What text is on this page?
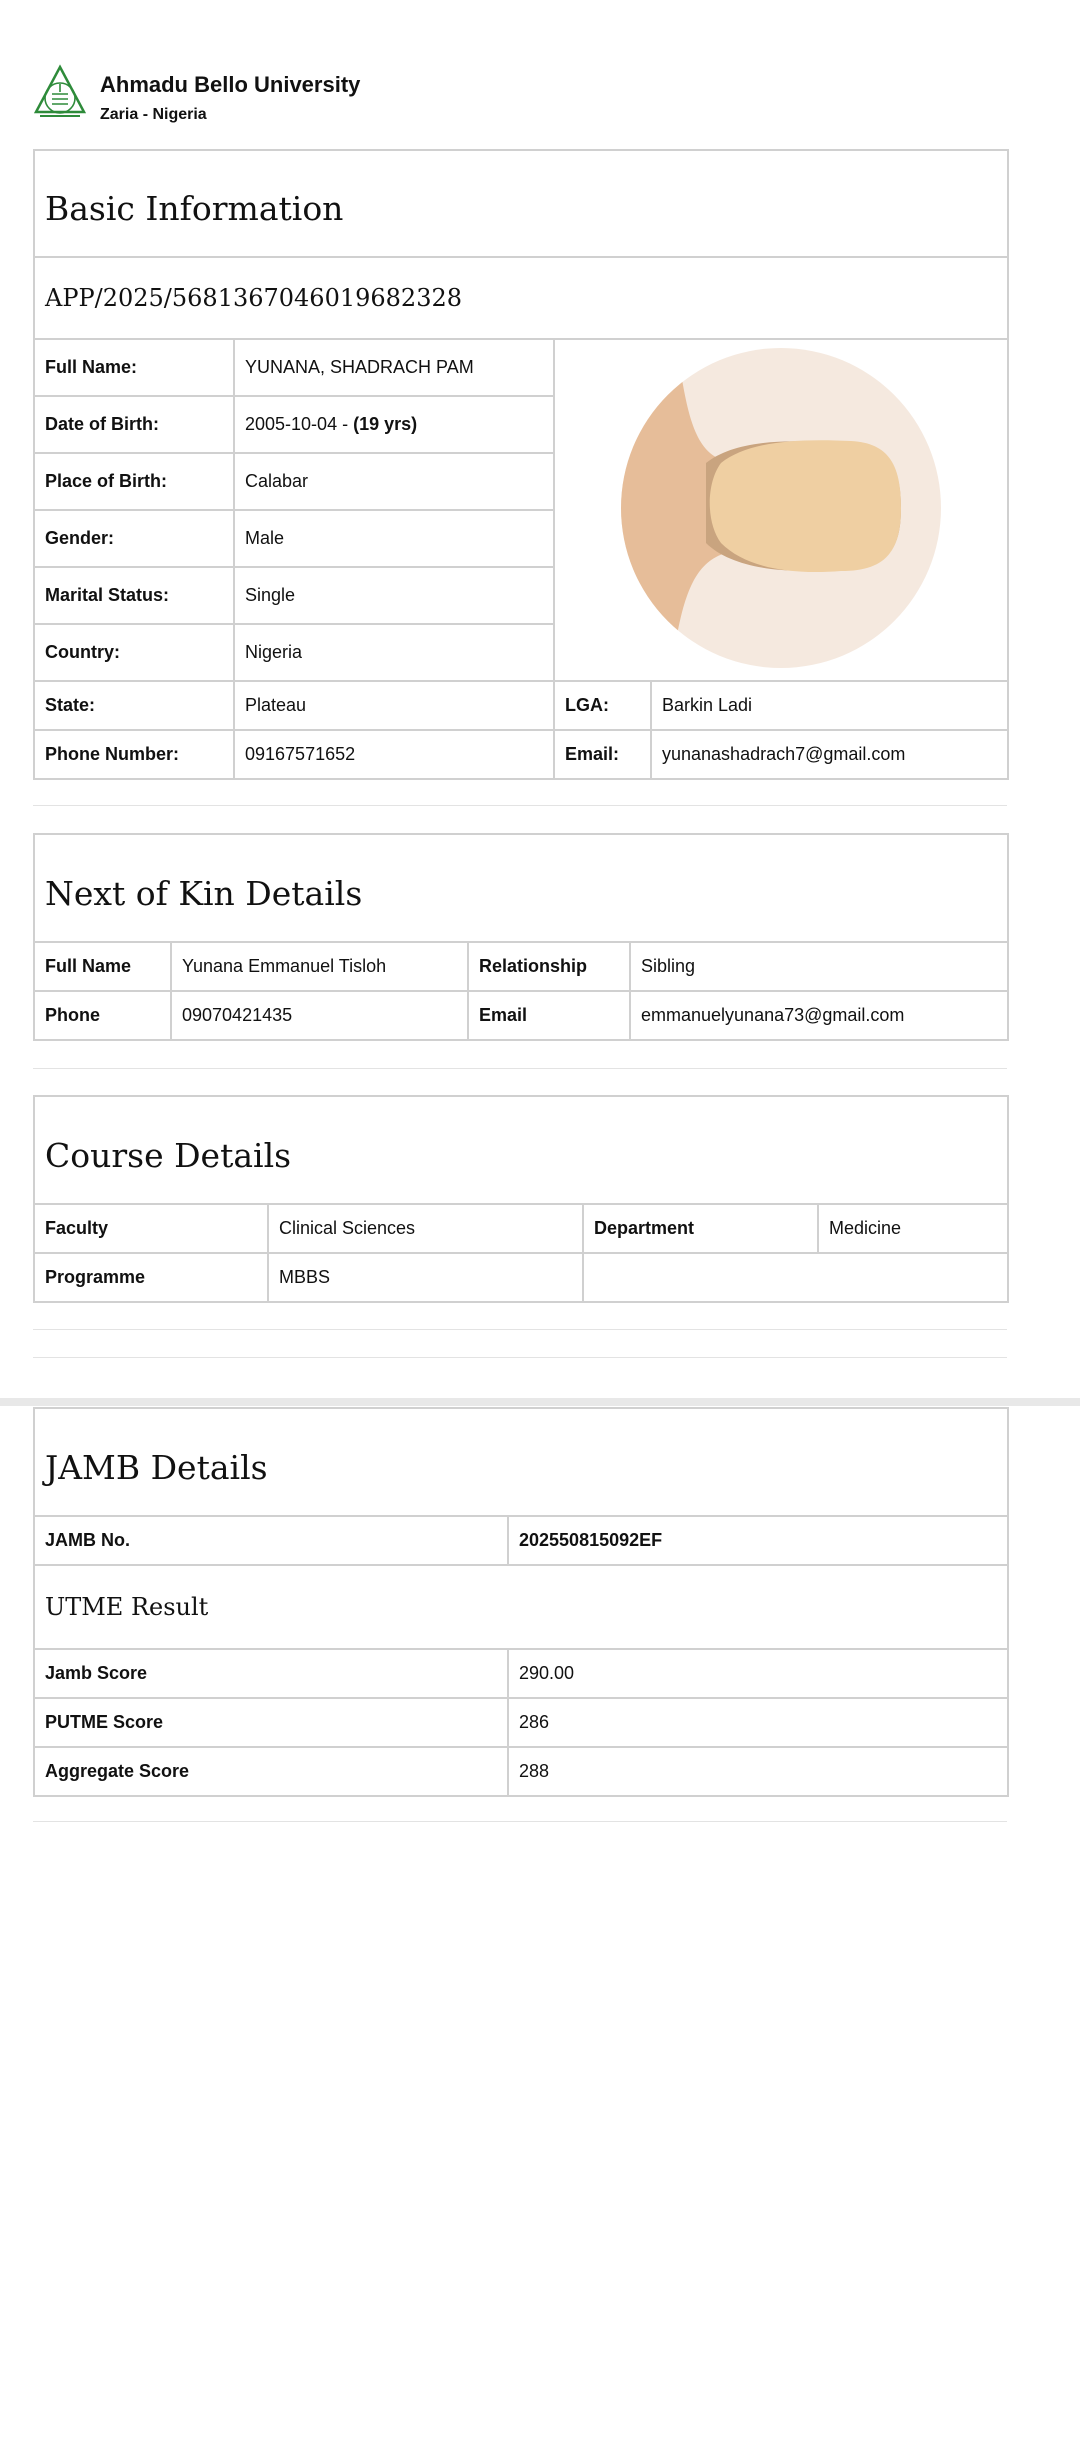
Ahmadu Bello University
Zaria - Nigeria
Basic Information			
APP/2025/5681367046019682328			
Full Name:	YUNANA, SHADRACH PAM	
Date of Birth:	2005-10-04 - (19 yrs)		
Place of Birth:	Calabar		
Gender:	Male		
Marital Status:	Single		
Country:	Nigeria		
State:	Plateau	LGA:	Barkin Ladi
Phone Number:	09167571652	Email:	yunanashadrach7@gmail.com
Next of Kin Details			
Full Name	Yunana Emmanuel Tisloh	Relationship	Sibling
Phone	09070421435	Email	emmanuelyunana73@gmail.com
Course Details			
Faculty	Clinical Sciences	Department	Medicine
Programme	MBBS		
JAMB Details	
JAMB No.	202550815092EF
UTME Result	
Jamb Score	290.00
PUTME Score	286
Aggregate Score	288
